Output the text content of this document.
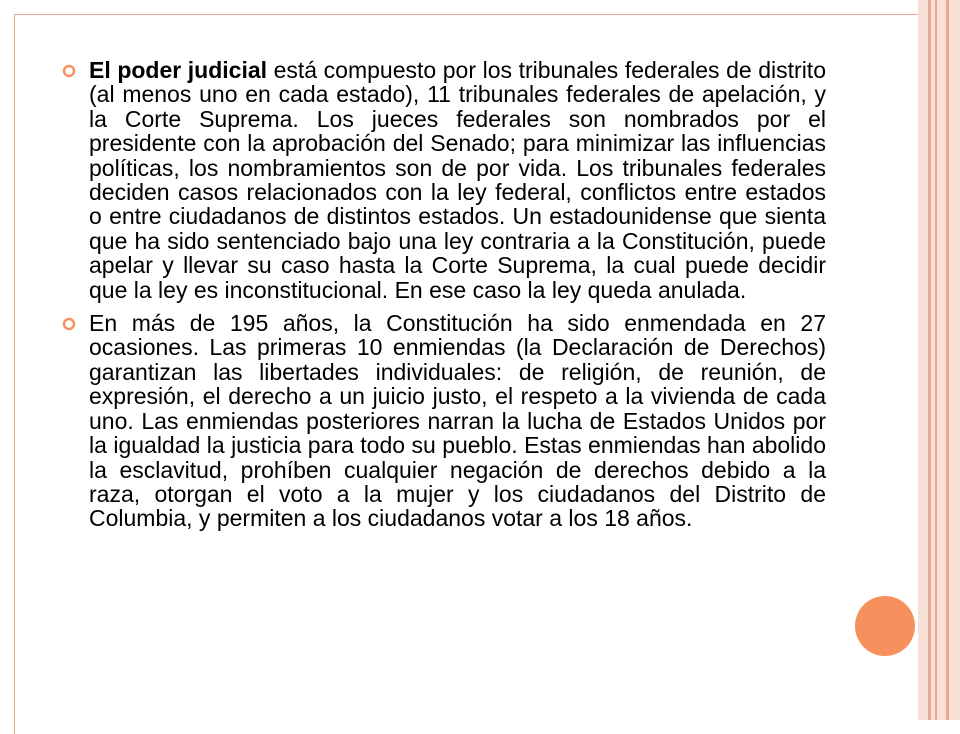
El poder judicial está compuesto por los tribunales federales de distrito (al menos uno en cada estado), 11 tribunales federales de apelación, y la Corte Suprema. Los jueces federales son nombrados por el presidente con la aprobación del Senado; para minimizar las influencias políticas, los nombramientos son de por vida. Los tribunales federales deciden casos relacionados con la ley federal, conflictos entre estados o entre ciudadanos de distintos estados. Un estadounidense que sienta que ha sido sentenciado bajo una ley contraria a la Constitución, puede apelar y llevar su caso hasta la Corte Suprema, la cual puede decidir que la ley es inconstitucional. En ese caso la ley queda anulada.

En más de 195 años, la Constitución ha sido enmendada en 27 ocasiones. Las primeras 10 enmiendas (la Declaración de Derechos) garantizan las libertades individuales: de religión, de reunión, de expresión, el derecho a un juicio justo, el respeto a la vivienda de cada uno. Las enmiendas posteriores narran la lucha de Estados Unidos por la igualdad la justicia para todo su pueblo. Estas enmiendas han abolido la esclavitud, prohíben cualquier negación de derechos debido a la raza, otorgan el voto a la mujer y los ciudadanos del Distrito de Columbia, y permiten a los ciudadanos votar a los 18 años.
